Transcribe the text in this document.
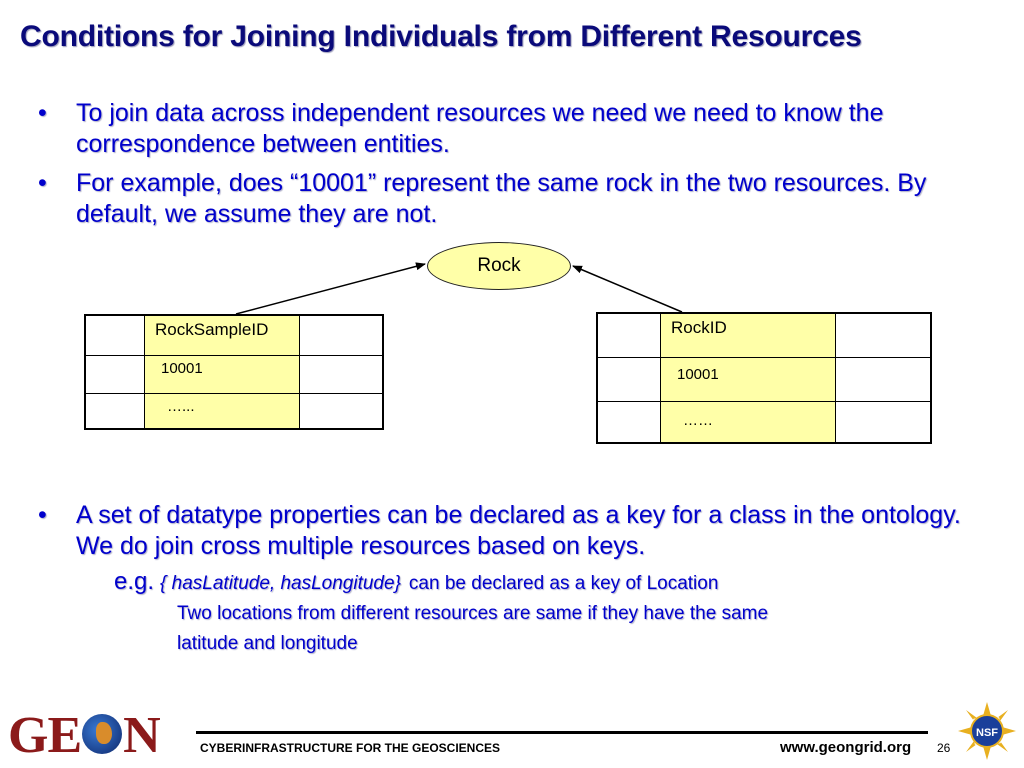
Conditions for Joining Individuals from Different Resources
• To join data across independent resources we need we need to know the correspondence between entities.
• For example, does “10001” represent the same rock in the two resources. By default, we assume they are not.
Rock

	RockSampleID	

	10001	

	…...	

	RockID	

	10001	

	……	

• A set of datatype properties can be declared as a key for a class in the ontology. We do join cross multiple resources based on keys.
e.g. { hasLatitude, hasLongitude} can be declared as a key of Location
Two locations from different resources are same if they have the same
latitude and longitude
GE N	CYBERINFRASTRUCTURE FOR THE GEOSCIENCES	www.geongrid.org 26
NSF
